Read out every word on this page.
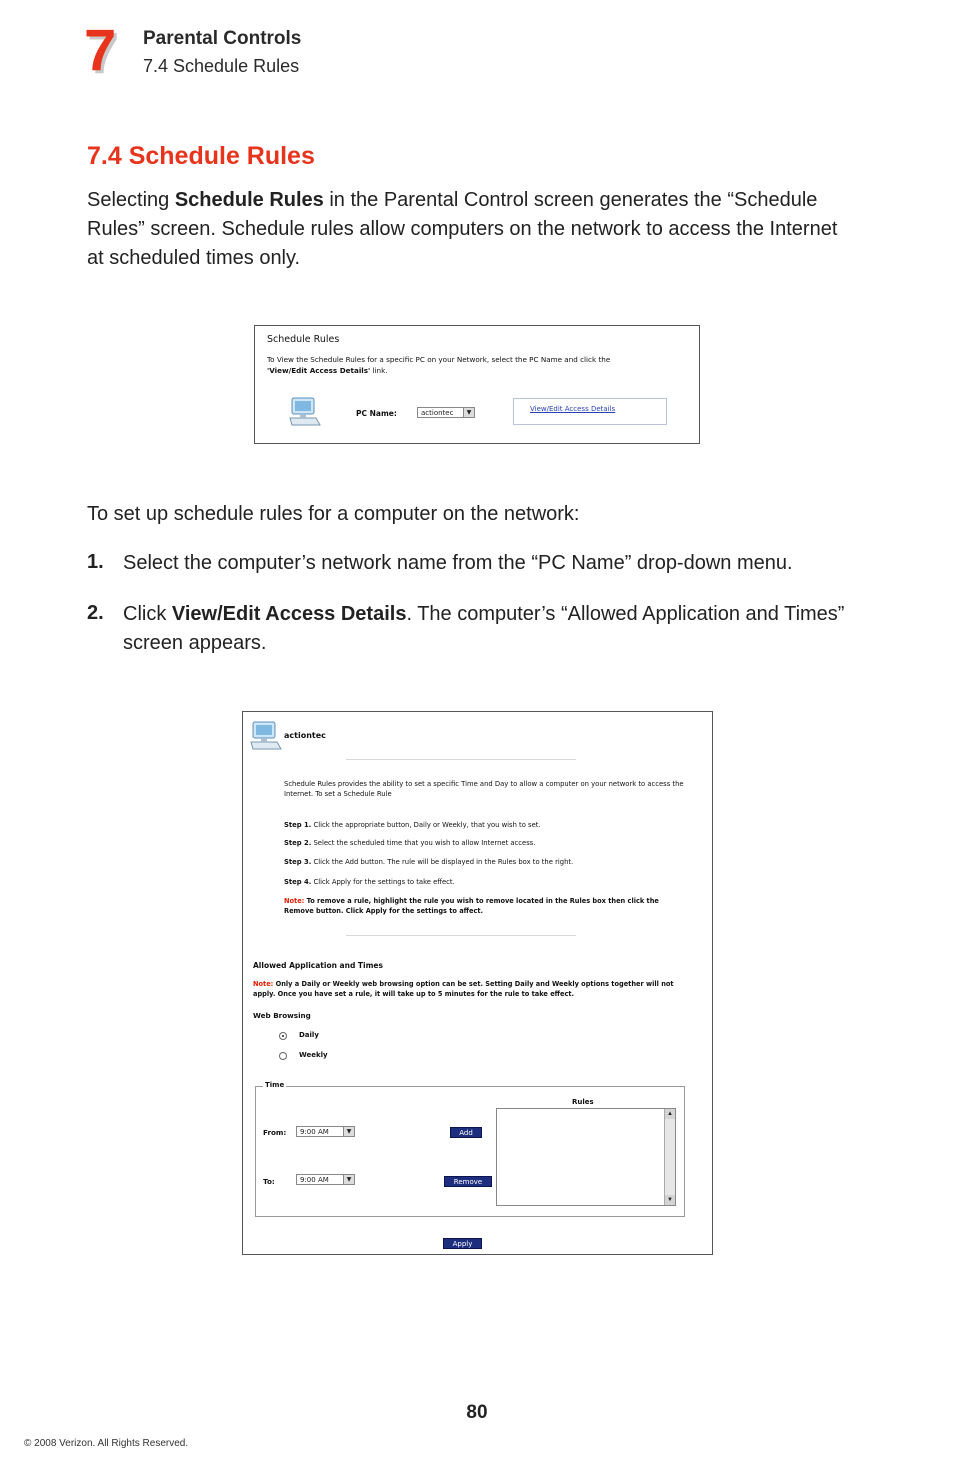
7 Parental Controls
7.4 Schedule Rules
7.4 Schedule Rules
Selecting Schedule Rules in the Parental Control screen generates the “Schedule Rules” screen. Schedule rules allow computers on the network to access the Internet at scheduled times only.
Schedule Rules
To View the Schedule Rules for a specific PC on your Network, select the PC Name and click the
'View/Edit Access Details' link.
PC Name:	actiontec	▼	View/Edit Access Details
To set up schedule rules for a computer on the network:
1. Select the computer’s network name from the “PC Name” drop-down menu.
2. Click View/Edit Access Details. The computer’s “Allowed Application and Times” screen appears.
actiontec
Schedule Rules provides the ability to set a specific Time and Day to allow a computer on your network to access the Internet. To set a Schedule Rule
Step 1. Click the appropriate button, Daily or Weekly, that you wish to set.
Step 2. Select the scheduled time that you wish to allow Internet access.
Step 3. Click the Add button. The rule will be displayed in the Rules box to the right.
Step 4. Click Apply for the settings to take effect.
Note: To remove a rule, highlight the rule you wish to remove located in the Rules box then click the Remove button. Click Apply for the settings to affect.
Allowed Application and Times
Note: Only a Daily or Weekly web browsing option can be set. Setting Daily and Weekly options together will not apply. Once you have set a rule, it will take up to 5 minutes for the rule to take effect.
Web Browsing
Daily
Weekly
Time
Rules
▲
▼
From:	9:00 AM	▼	Add
To:	9:00 AM	▼	Remove
Apply
80
© 2008 Verizon. All Rights Reserved.
